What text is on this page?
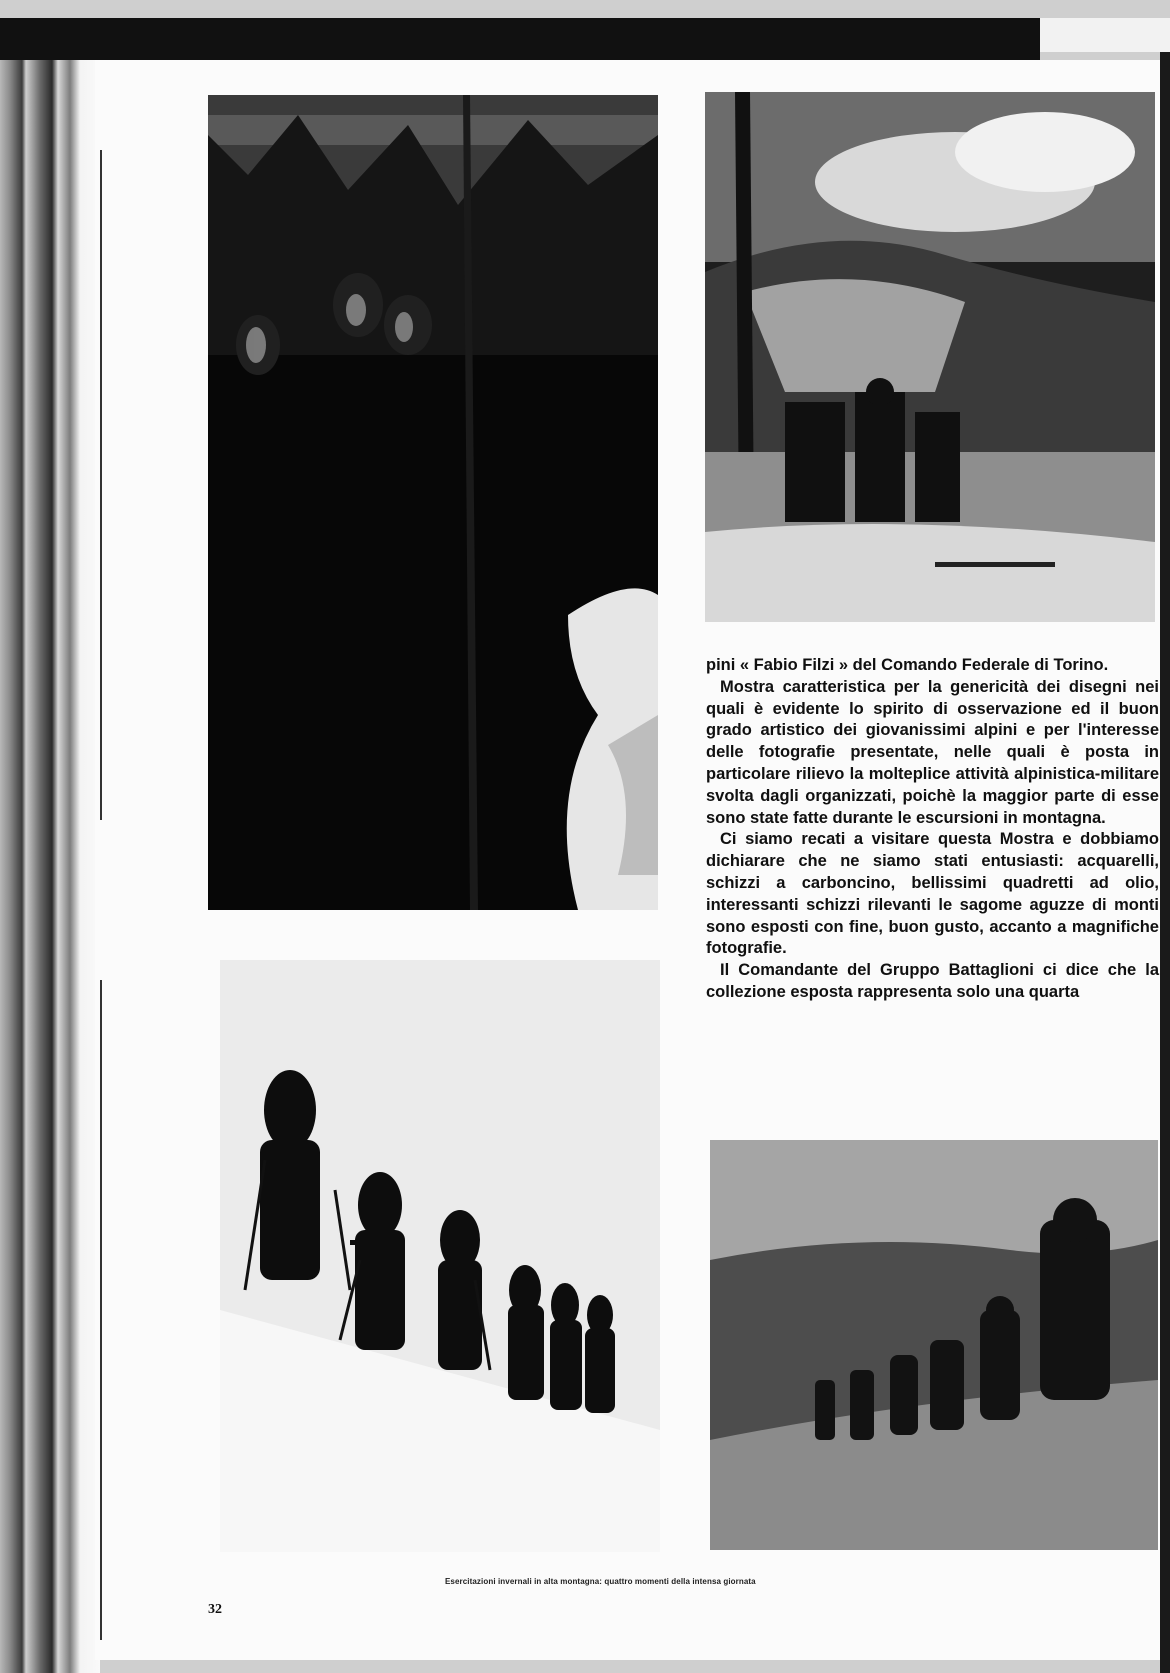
pini « Fabio Filzi » del Comando Federale di Torino.

Mostra caratteristica per la genericità dei disegni nei quali è evidente lo spirito di osservazione ed il buon grado artistico dei giovanissimi alpini e per l'interesse delle fotografie presentate, nelle quali è posta in particolare rilievo la molteplice attività alpinistica-militare svolta dagli organizzati, poichè la maggior parte di esse sono state fatte durante le escursioni in montagna.

Ci siamo recati a visitare questa Mostra e dobbiamo dichiarare che ne siamo stati entusiasti: acquarelli, schizzi a carboncino, bellissimi quadretti ad olio, interessanti schizzi rilevanti le sagome aguzze di monti sono esposti con fine, buon gusto, accanto a magnifiche fotografie.

Il Comandante del Gruppo Battaglioni ci dice che la collezione esposta rappresenta solo una quarta

Esercitazioni invernali in alta montagna: quattro momenti della intensa giornata
32
